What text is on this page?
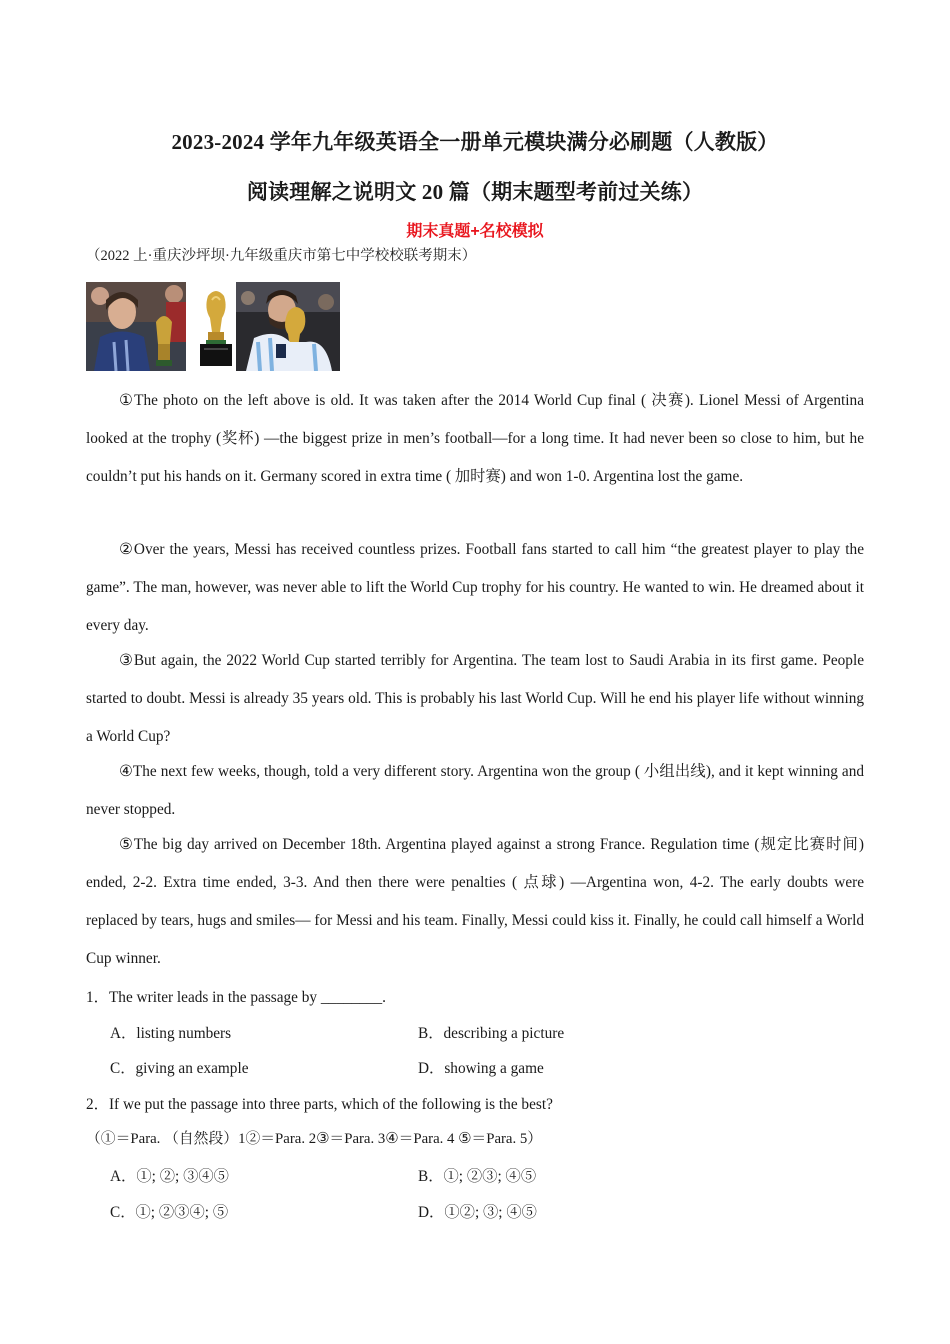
2023-2024 学年九年级英语全一册单元模块满分必刷题（人教版）
阅读理解之说明文 20 篇（期末题型考前过关练）
期末真题+名校模拟
（2022 上·重庆沙坪坝·九年级重庆市第七中学校校联考期末）

①The photo on the left above is old. It was taken after the 2014 World Cup final ( 决赛). Lionel Messi of Argentina looked at the trophy (奖杯) —the biggest prize in men’s football—for a long time. It had never been so close to him, but he couldn’t put his hands on it. Germany scored in extra time ( 加时赛) and won 1-0. Argentina lost the game.

②Over the years, Messi has received countless prizes. Football fans started to call him “the greatest player to play the game”. The man, however, was never able to lift the World Cup trophy for his country. He wanted to win. He dreamed about it every day.

③But again, the 2022 World Cup started terribly for Argentina. The team lost to Saudi Arabia in its first game. People started to doubt. Messi is already 35 years old. This is probably his last World Cup. Will he end his player life without winning a World Cup?

④The next few weeks, though, told a very different story. Argentina won the group ( 小组出线), and it kept winning and never stopped.

⑤The big day arrived on December 18th. Argentina played against a strong France. Regulation time (规定比赛时间) ended, 2-2. Extra time ended, 3-3. And then there were penalties ( 点球) —Argentina won, 4-2. The early doubts were replaced by tears, hugs and smiles— for Messi and his team. Finally, Messi could kiss it. Finally, he could call himself a World Cup winner.

1．The writer leads in the passage by ________.
A．listing numbers	B．describing a picture
C．giving an example	D．showing a game
2．If we put the passage into three parts, which of the following is the best?
（①＝Para. （自然段）1②＝Para. 2③＝Para. 3④＝Para. 4 ⑤＝Para. 5）
A．①; ②; ③④⑤	B．①; ②③; ④⑤
C．①; ②③④; ⑤	D．①②; ③; ④⑤
